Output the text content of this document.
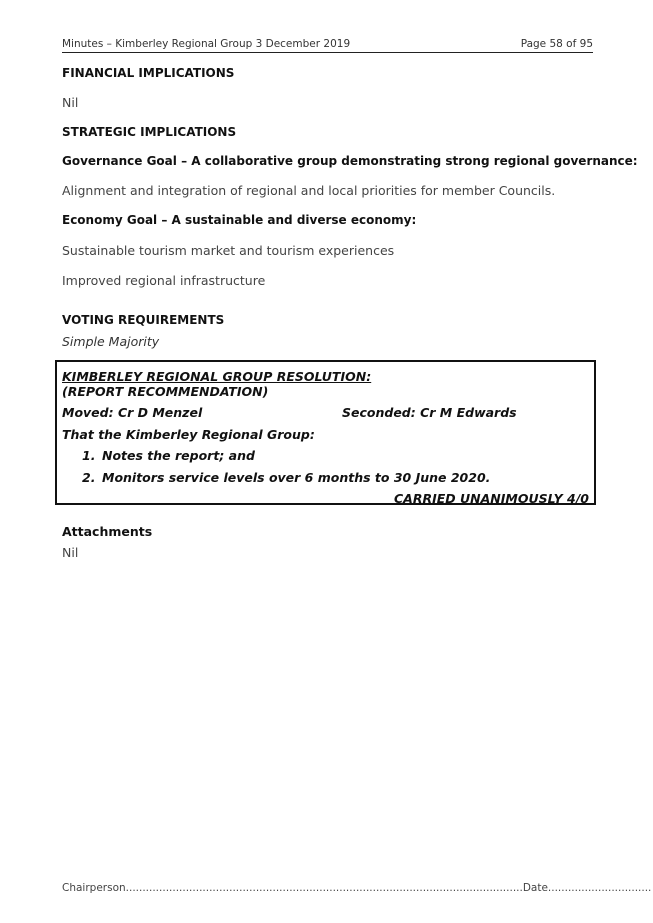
Minutes – Kimberley Regional Group 3 December 2019	Page 58 of 95
FINANCIAL IMPLICATIONS
Nil
STRATEGIC IMPLICATIONS
Governance Goal – A collaborative group demonstrating strong regional governance:
Alignment and integration of regional and local priorities for member Councils.
Economy Goal – A sustainable and diverse economy:
Sustainable tourism market and tourism experiences
Improved regional infrastructure
VOTING REQUIREMENTS
Simple Majority
KIMBERLEY REGIONAL GROUP RESOLUTION:
(REPORT RECOMMENDATION)
Moved: Cr D Menzel	Seconded: Cr M Edwards
That the Kimberley Regional Group:
1. Notes the report; and
2. Monitors service levels over 6 months to 30 June 2020.
CARRIED UNANIMOUSLY 4/0
Attachments
Nil
Chairperson.......................................................................................................................Date...............................
